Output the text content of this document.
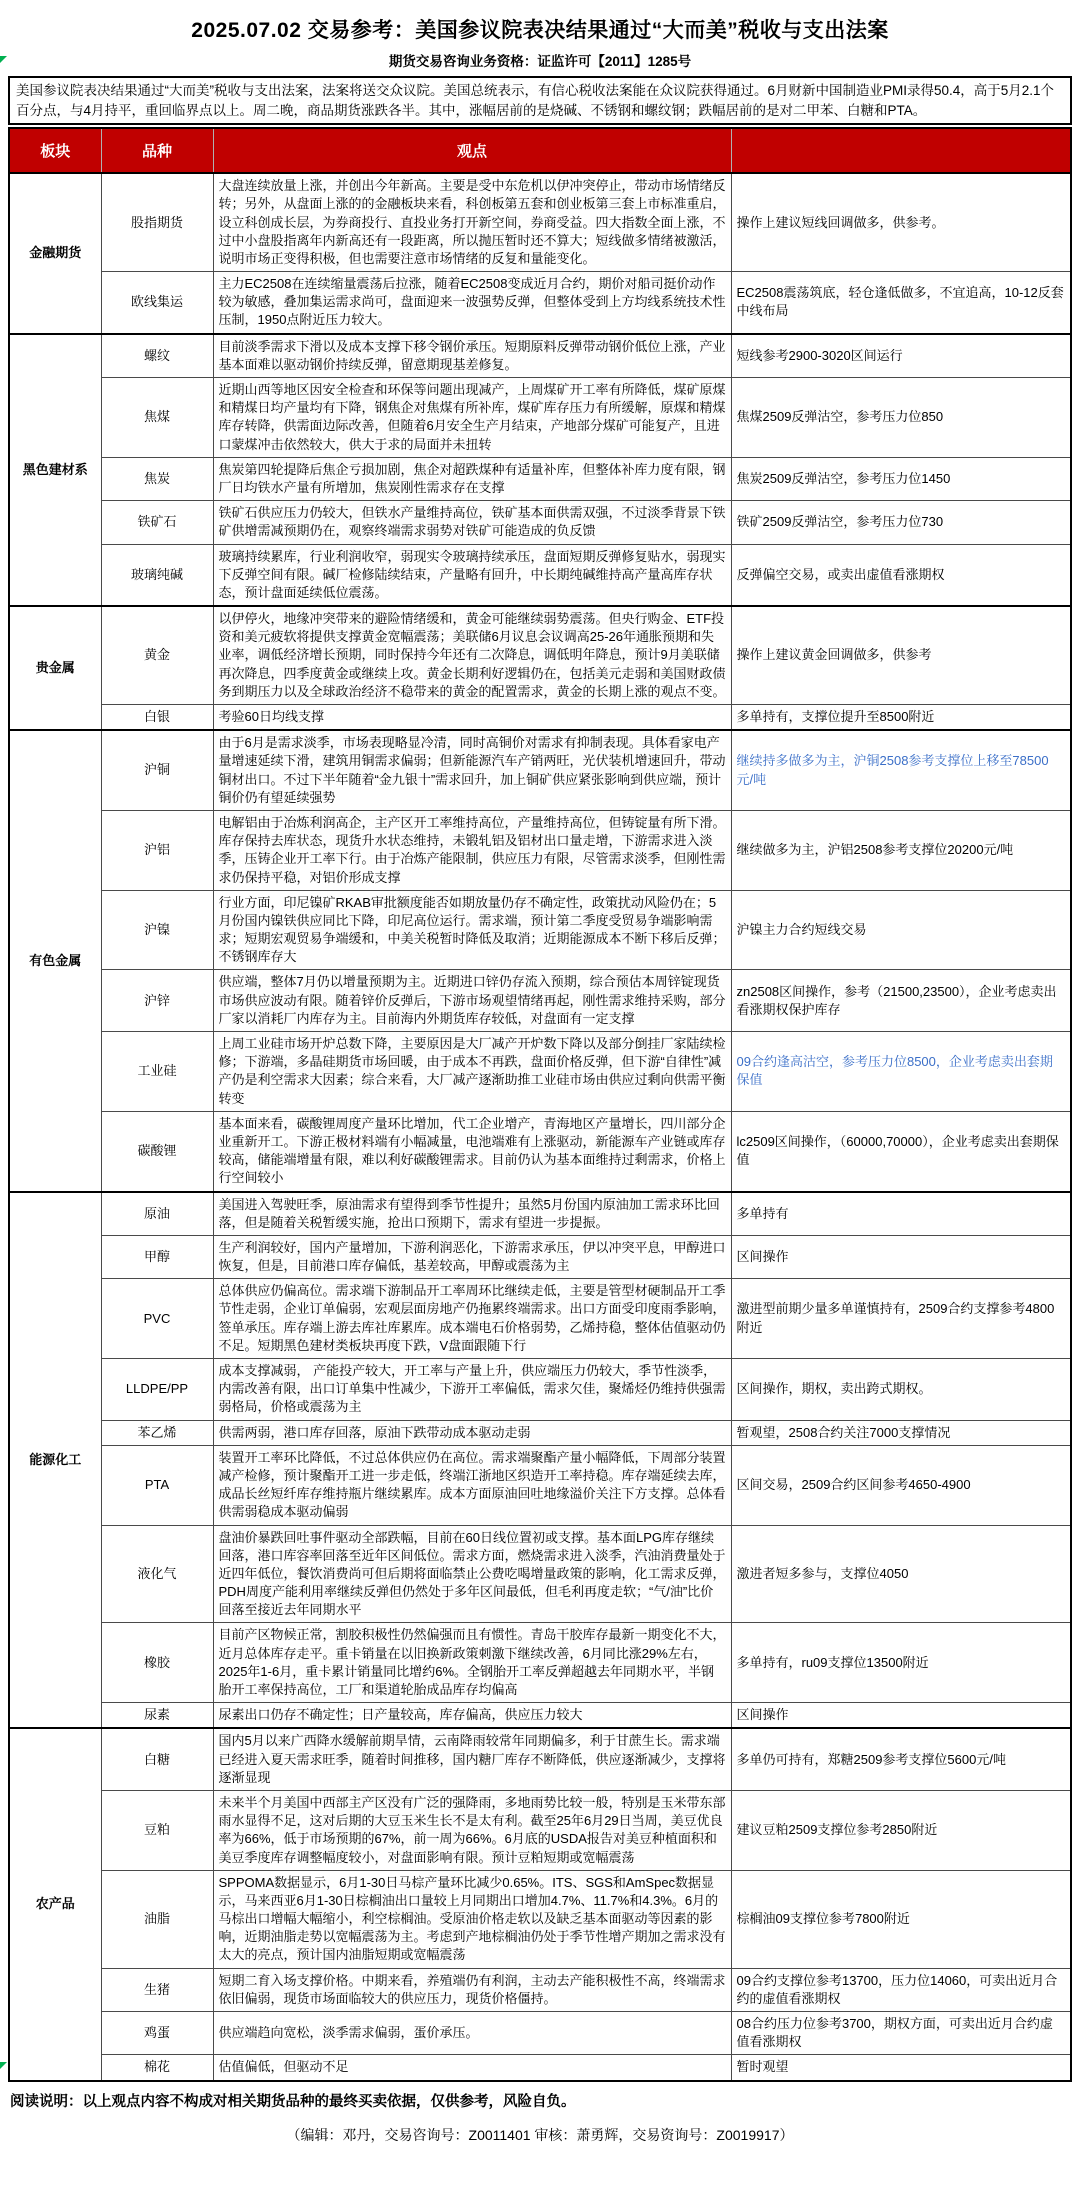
2025.07.02 交易参考：美国参议院表决结果通过“大而美”税收与支出法案
期货交易咨询业务资格：证监许可【2011】1285号
美国参议院表决结果通过“大而美”税收与支出法案，法案将送交众议院。美国总统表示，有信心税收法案能在众议院获得通过。6月财新中国制造业PMI录得50.4，高于5月2.1个百分点，与4月持平，重回临界点以上。周二晚，商品期货涨跌各半。其中，涨幅居前的是烧碱、不锈钢和螺纹钢；跌幅居前的是对二甲苯、白糖和PTA。
板块	品种	观点	
金融期货	股指期货	大盘连续放量上涨，并创出今年新高。主要是受中东危机以伊冲突停止，带动市场情绪反转；另外，从盘面上涨的的金融板块来看，科创板第五套和创业板第三套上市标准重启，设立科创成长层，为券商投行、直投业务打开新空间，券商受益。四大指数全面上涨，不过中小盘股指离年内新高还有一段距离，所以抛压暂时还不算大；短线做多情绪被激活，说明市场正变得积极，但也需要注意市场情绪的反复和量能变化。	操作上建议短线回调做多，供参考。
	欧线集运	主力EC2508在连续缩量震荡后拉涨，随着EC2508变成近月合约，期价对船司挺价动作较为敏感，叠加集运需求尚可，盘面迎来一波强势反弹，但整体受到上方均线系统技术性压制，1950点附近压力较大。	EC2508震荡筑底，轻仓逢低做多，不宜追高，10-12反套中线布局
黑色建材系	螺纹	目前淡季需求下滑以及成本支撑下移令钢价承压。短期原料反弹带动钢价低位上涨，产业基本面难以驱动钢价持续反弹，留意期现基差修复。	短线参考2900-3020区间运行
	焦煤	近期山西等地区因安全检查和环保等问题出现减产，上周煤矿开工率有所降低，煤矿原煤和精煤日均产量均有下降，钢焦企对焦煤有所补库，煤矿库存压力有所缓解，原煤和精煤库存转降，供需面边际改善，但随着6月安全生产月结束，产地部分煤矿可能复产，且进口蒙煤冲击依然较大，供大于求的局面并未扭转	焦煤2509反弹沽空，参考压力位850
	焦炭	焦炭第四轮提降后焦企亏损加剧，焦企对超跌煤种有适量补库，但整体补库力度有限，钢厂日均铁水产量有所增加，焦炭刚性需求存在支撑	焦炭2509反弹沽空，参考压力位1450
	铁矿石	铁矿石供应压力仍较大，但铁水产量维持高位，铁矿基本面供需双强，不过淡季背景下铁矿供增需减预期仍在，观察终端需求弱势对铁矿可能造成的负反馈	铁矿2509反弹沽空，参考压力位730
	玻璃纯碱	玻璃持续累库，行业利润收窄，弱现实令玻璃持续承压，盘面短期反弹修复贴水，弱现实下反弹空间有限。碱厂检修陆续结束，产量略有回升，中长期纯碱维持高产量高库存状态，预计盘面延续低位震荡。	反弹偏空交易，或卖出虚值看涨期权
贵金属	黄金	以伊停火，地缘冲突带来的避险情绪缓和，黄金可能继续弱势震荡。但央行购金、ETF投资和美元疲软将提供支撑黄金宽幅震荡；美联储6月议息会议调高25-26年通胀预期和失业率，调低经济增长预期，同时保持今年还有二次降息，调低明年降息，预计9月美联储再次降息，四季度黄金或继续上攻。黄金长期利好逻辑仍在，包括美元走弱和美国财政债务到期压力以及全球政治经济不稳带来的黄金的配置需求，黄金的长期上涨的观点不变。	操作上建议黄金回调做多，供参考
	白银	考验60日均线支撑	多单持有，支撑位提升至8500附近
有色金属	沪铜	由于6月是需求淡季，市场表现略显冷清，同时高铜价对需求有抑制表现。具体看家电产量增速延续下滑，建筑用铜需求偏弱；但新能源汽车产销两旺，光伏装机增速回升，带动铜材出口。不过下半年随着“金九银十”需求回升，加上铜矿供应紧张影响到供应端，预计铜价仍有望延续强势	继续持多做多为主，沪铜2508参考支撑位上移至78500元/吨
	沪铝	电解铝由于冶炼利润高企，主产区开工率维持高位，产量维持高位，但铸锭量有所下滑。库存保持去库状态，现货升水状态维持，未锻轧铝及铝材出口量走增，下游需求进入淡季，压铸企业开工率下行。由于冶炼产能限制，供应压力有限，尽管需求淡季，但刚性需求仍保持平稳，对铝价形成支撑	继续做多为主，沪铝2508参考支撑位20200元/吨
	沪镍	行业方面，印尼镍矿RKAB审批额度能否如期放量仍存不确定性，政策扰动风险仍在；5月份国内镍铁供应同比下降，印尼高位运行。需求端，预计第二季度受贸易争端影响需求；短期宏观贸易争端缓和，中美关税暂时降低及取消；近期能源成本不断下移后反弹；不锈钢库存大	沪镍主力合约短线交易
	沪锌	供应端，整体7月仍以增量预期为主。近期进口锌仍存流入预期，综合预估本周锌锭现货市场供应波动有限。随着锌价反弹后，下游市场观望情绪再起，刚性需求维持采购，部分厂家以消耗厂内库存为主。目前海内外期货库存较低，对盘面有一定支撑	zn2508区间操作，参考（21500,23500），企业考虑卖出看涨期权保护库存
	工业硅	上周工业硅市场开炉总数下降，主要原因是大厂减产开炉数下降以及部分倒挂厂家陆续检修；下游端，多晶硅期货市场回暖，由于成本不再跌，盘面价格反弹，但下游“自律性”减产仍是利空需求大因素；综合来看，大厂减产逐渐助推工业硅市场由供应过剩向供需平衡转变	09合约逢高沽空，参考压力位8500，企业考虑卖出套期保值
	碳酸锂	基本面来看，碳酸锂周度产量环比增加，代工企业增产，青海地区产量增长，四川部分企业重新开工。下游正极材料端有小幅减量，电池端难有上涨驱动，新能源车产业链或库存较高，储能端增量有限，难以利好碳酸锂需求。目前仍认为基本面维持过剩需求，价格上行空间较小	lc2509区间操作，（60000,70000），企业考虑卖出套期保值
能源化工	原油	美国进入驾驶旺季，原油需求有望得到季节性提升；虽然5月份国内原油加工需求环比回落，但是随着关税暂缓实施，抢出口预期下，需求有望进一步提振。	多单持有
	甲醇	生产利润较好，国内产量增加，下游利润恶化，下游需求承压，伊以冲突平息，甲醇进口恢复，但是，目前港口库存偏低，基差较高，甲醇或震荡为主	区间操作
	PVC	总体供应仍偏高位。需求端下游制品开工率周环比继续走低，主要是管型材硬制品开工季节性走弱，企业订单偏弱，宏观层面房地产仍拖累终端需求。出口方面受印度雨季影响，签单承压。库存端上游去库社库累库。成本端电石价格弱势，乙烯持稳，整体估值驱动仍不足。短期黑色建材类板块再度下跌，V盘面跟随下行	激进型前期少量多单谨慎持有，2509合约支撑参考4800附近
	LLDPE/PP	成本支撑减弱， 产能投产较大，开工率与产量上升，供应端压力仍较大，季节性淡季，内需改善有限，出口订单集中性减少，下游开工率偏低，需求欠佳，聚烯烃仍维持供强需弱格局，价格或震荡为主	区间操作，期权，卖出跨式期权。
	苯乙烯	供需两弱，港口库存回落，原油下跌带动成本驱动走弱	暂观望，2508合约关注7000支撑情况
	PTA	装置开工率环比降低，不过总体供应仍在高位。需求端聚酯产量小幅降低，下周部分装置减产检修，预计聚酯开工进一步走低，终端江浙地区织造开工率持稳。库存端延续去库，成品长丝短纤库存维持瓶片继续累库。成本方面原油回吐地缘溢价关注下方支撑。总体看供需弱稳成本驱动偏弱	区间交易，2509合约区间参考4650-4900
	液化气	盘油价暴跌回吐事件驱动全部跌幅，目前在60日线位置初或支撑。基本面LPG库存继续回落，港口库容率回落至近年区间低位。需求方面，燃烧需求进入淡季，汽油消费量处于近四年低位，餐饮消费尚可但后期将面临禁止公费吃喝增量政策的影响，化工需求反弹，PDH周度产能利用率继续反弹但仍然处于多年区间最低，但毛利再度走软；“气/油”比价回落至接近去年同期水平	激进者短多参与，支撑位4050
	橡胶	目前产区物候正常，割胶积极性仍然偏强而且有惯性。青岛干胶库存最新一期变化不大，近月总体库存走平。重卡销量在以旧换新政策刺激下继续改善，6月同比涨29%左右，2025年1-6月，重卡累计销量同比增约6%。全钢胎开工率反弹超越去年同期水平，半钢胎开工率保持高位，工厂和渠道轮胎成品库存均偏高	多单持有，ru09支撑位13500附近
	尿素	尿素出口仍存不确定性；日产量较高，库存偏高，供应压力较大	区间操作
农产品	白糖	国内5月以来广西降水缓解前期旱情，云南降雨较常年同期偏多，利于甘蔗生长。需求端已经进入夏天需求旺季，随着时间推移，国内糖厂库存不断降低，供应逐渐减少，支撑将逐渐显现	多单仍可持有，郑糖2509参考支撑位5600元/吨
	豆粕	未来半个月美国中西部主产区没有广泛的强降雨，多地雨势比较一般，特别是玉米带东部雨水显得不足，这对后期的大豆玉米生长不是太有利。截至25年6月29日当周，美豆优良率为66%，低于市场预期的67%，前一周为66%。6月底的USDA报告对美豆种植面积和美豆季度库存调整幅度较小，对盘面影响有限。预计豆粕短期或宽幅震荡	建议豆粕2509支撑位参考2850附近
	油脂	SPPOMA数据显示，6月1-30日马棕产量环比减少0.65%。ITS、SGS和AmSpec数据显示，马来西亚6月1-30日棕榈油出口量较上月同期出口增加4.7%、11.7%和4.3%。6月的马棕出口增幅大幅缩小，利空棕榈油。受原油价格走软以及缺乏基本面驱动等因素的影响，近期油脂走势以宽幅震荡为主。考虑到产地棕榈油仍处于季节性增产期加之需求没有太大的亮点，预计国内油脂短期或宽幅震荡	棕榈油09支撑位参考7800附近
	生猪	短期二育入场支撑价格。中期来看，养殖端仍有利润，主动去产能积极性不高，终端需求依旧偏弱，现货市场面临较大的供应压力，现货价格僵持。	09合约支撑位参考13700，压力位14060，可卖出近月合约的虚值看涨期权
	鸡蛋	供应端趋向宽松，淡季需求偏弱，蛋价承压。	08合约压力位参考3700，期权方面，可卖出近月合约虚值看涨期权
	棉花	估值偏低，但驱动不足	暂时观望
阅读说明：以上观点内容不构成对相关期货品种的最终买卖依据，仅供参考，风险自负。
（编辑：邓丹，交易咨询号：Z0011401 审核：萧勇辉，交易资询号：Z0019917）
